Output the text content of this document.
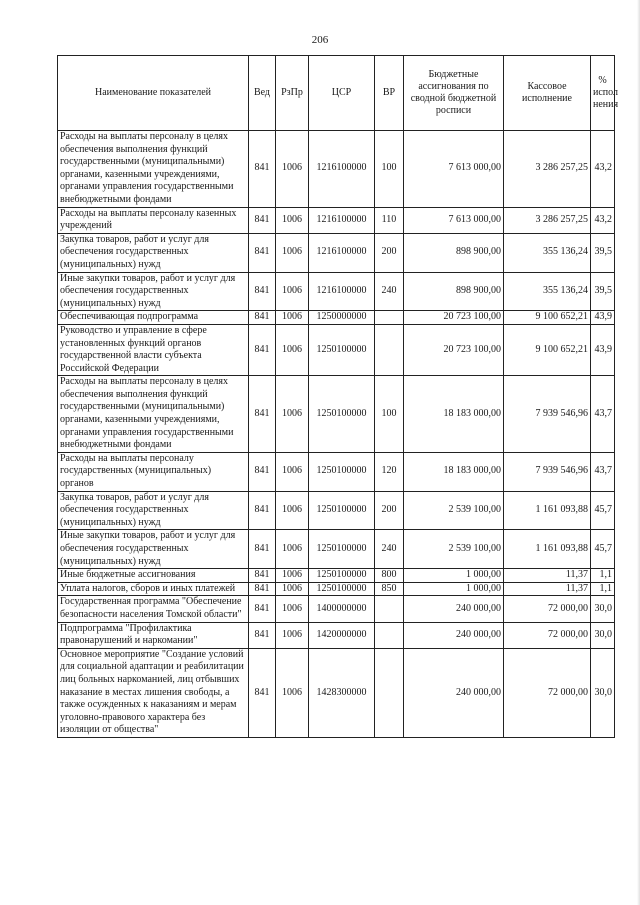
206
Наименование показателей	Вед	РзПр	ЦСР	ВР	Бюджетные ассигнования по сводной бюджетной росписи	Кассовое исполнение	% испол нения
Расходы на выплаты персоналу в целях обеспечения выполнения функций государственными (муниципальными) органами, казенными учреждениями, органами управления государственными внебюджетными фондами	841	1006	1216100000	100	7 613 000,00	3 286 257,25	43,2
Расходы на выплаты персоналу казенных учреждений	841	1006	1216100000	110	7 613 000,00	3 286 257,25	43,2
Закупка товаров, работ и услуг для обеспечения государственных (муниципальных) нужд	841	1006	1216100000	200	898 900,00	355 136,24	39,5
Иные закупки товаров, работ и услуг для обеспечения государственных (муниципальных) нужд	841	1006	1216100000	240	898 900,00	355 136,24	39,5
Обеспечивающая подпрограмма	841	1006	1250000000		20 723 100,00	9 100 652,21	43,9
Руководство и управление в сфере установленных функций органов государственной власти субъекта Российской Федерации	841	1006	1250100000		20 723 100,00	9 100 652,21	43,9
Расходы на выплаты персоналу в целях обеспечения выполнения функций государственными (муниципальными) органами, казенными учреждениями, органами управления государственными внебюджетными фондами	841	1006	1250100000	100	18 183 000,00	7 939 546,96	43,7
Расходы на выплаты персоналу государственных (муниципальных) органов	841	1006	1250100000	120	18 183 000,00	7 939 546,96	43,7
Закупка товаров, работ и услуг для обеспечения государственных (муниципальных) нужд	841	1006	1250100000	200	2 539 100,00	1 161 093,88	45,7
Иные закупки товаров, работ и услуг для обеспечения государственных (муниципальных) нужд	841	1006	1250100000	240	2 539 100,00	1 161 093,88	45,7
Иные бюджетные ассигнования	841	1006	1250100000	800	1 000,00	11,37	1,1
Уплата налогов, сборов и иных платежей	841	1006	1250100000	850	1 000,00	11,37	1,1
Государственная программа "Обеспечение безопасности населения Томской области"	841	1006	1400000000		240 000,00	72 000,00	30,0
Подпрограмма "Профилактика правонарушений и наркомании"	841	1006	1420000000		240 000,00	72 000,00	30,0
Основное мероприятие "Создание условий для социальной адаптации и реабилитации лиц больных наркоманией, лиц отбывших наказание в местах лишения свободы, а также осужденных к наказаниям и мерам уголовно-правового характера без изоляции от общества"	841	1006	1428300000		240 000,00	72 000,00	30,0
